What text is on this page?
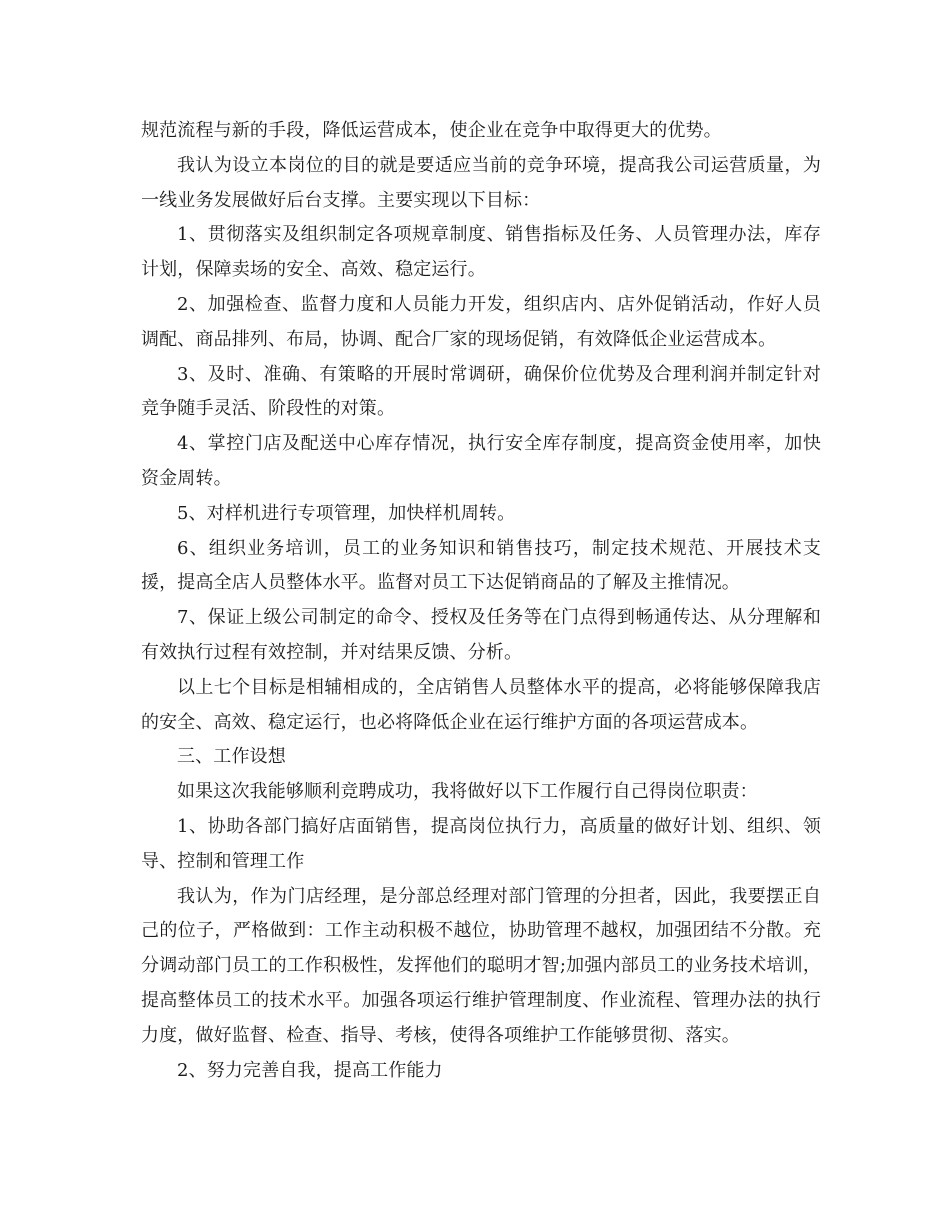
规范流程与新的手段，降低运营成本，使企业在竞争中取得更大的优势。

我认为设立本岗位的目的就是要适应当前的竞争环境，提高我公司运营质量，为一线业务发展做好后台支撑。主要实现以下目标：

1、贯彻落实及组织制定各项规章制度、销售指标及任务、人员管理办法，库存计划，保障卖场的安全、高效、稳定运行。

2、加强检查、监督力度和人员能力开发，组织店内、店外促销活动，作好人员调配、商品排列、布局，协调、配合厂家的现场促销，有效降低企业运营成本。

3、及时、准确、有策略的开展时常调研，确保价位优势及合理利润并制定针对竞争随手灵活、阶段性的对策。

4、掌控门店及配送中心库存情况，执行安全库存制度，提高资金使用率，加快资金周转。

5、对样机进行专项管理，加快样机周转。

6、组织业务培训，员工的业务知识和销售技巧，制定技术规范、开展技术支援，提高全店人员整体水平。监督对员工下达促销商品的了解及主推情况。

7、保证上级公司制定的命令、授权及任务等在门点得到畅通传达、从分理解和有效执行过程有效控制，并对结果反馈、分析。

以上七个目标是相辅相成的，全店销售人员整体水平的提高，必将能够保障我店的安全、高效、稳定运行，也必将降低企业在运行维护方面的各项运营成本。

三、工作设想

如果这次我能够顺利竞聘成功，我将做好以下工作履行自己得岗位职责：

1、协助各部门搞好店面销售，提高岗位执行力，高质量的做好计划、组织、领导、控制和管理工作

我认为，作为门店经理，是分部总经理对部门管理的分担者，因此，我要摆正自己的位子，严格做到：工作主动积极不越位，协助管理不越权，加强团结不分散。充分调动部门员工的工作积极性，发挥他们的聪明才智;加强内部员工的业务技术培训，提高整体员工的技术水平。加强各项运行维护管理制度、作业流程、管理办法的执行力度，做好监督、检查、指导、考核，使得各项维护工作能够贯彻、落实。

2、努力完善自我，提高工作能力
